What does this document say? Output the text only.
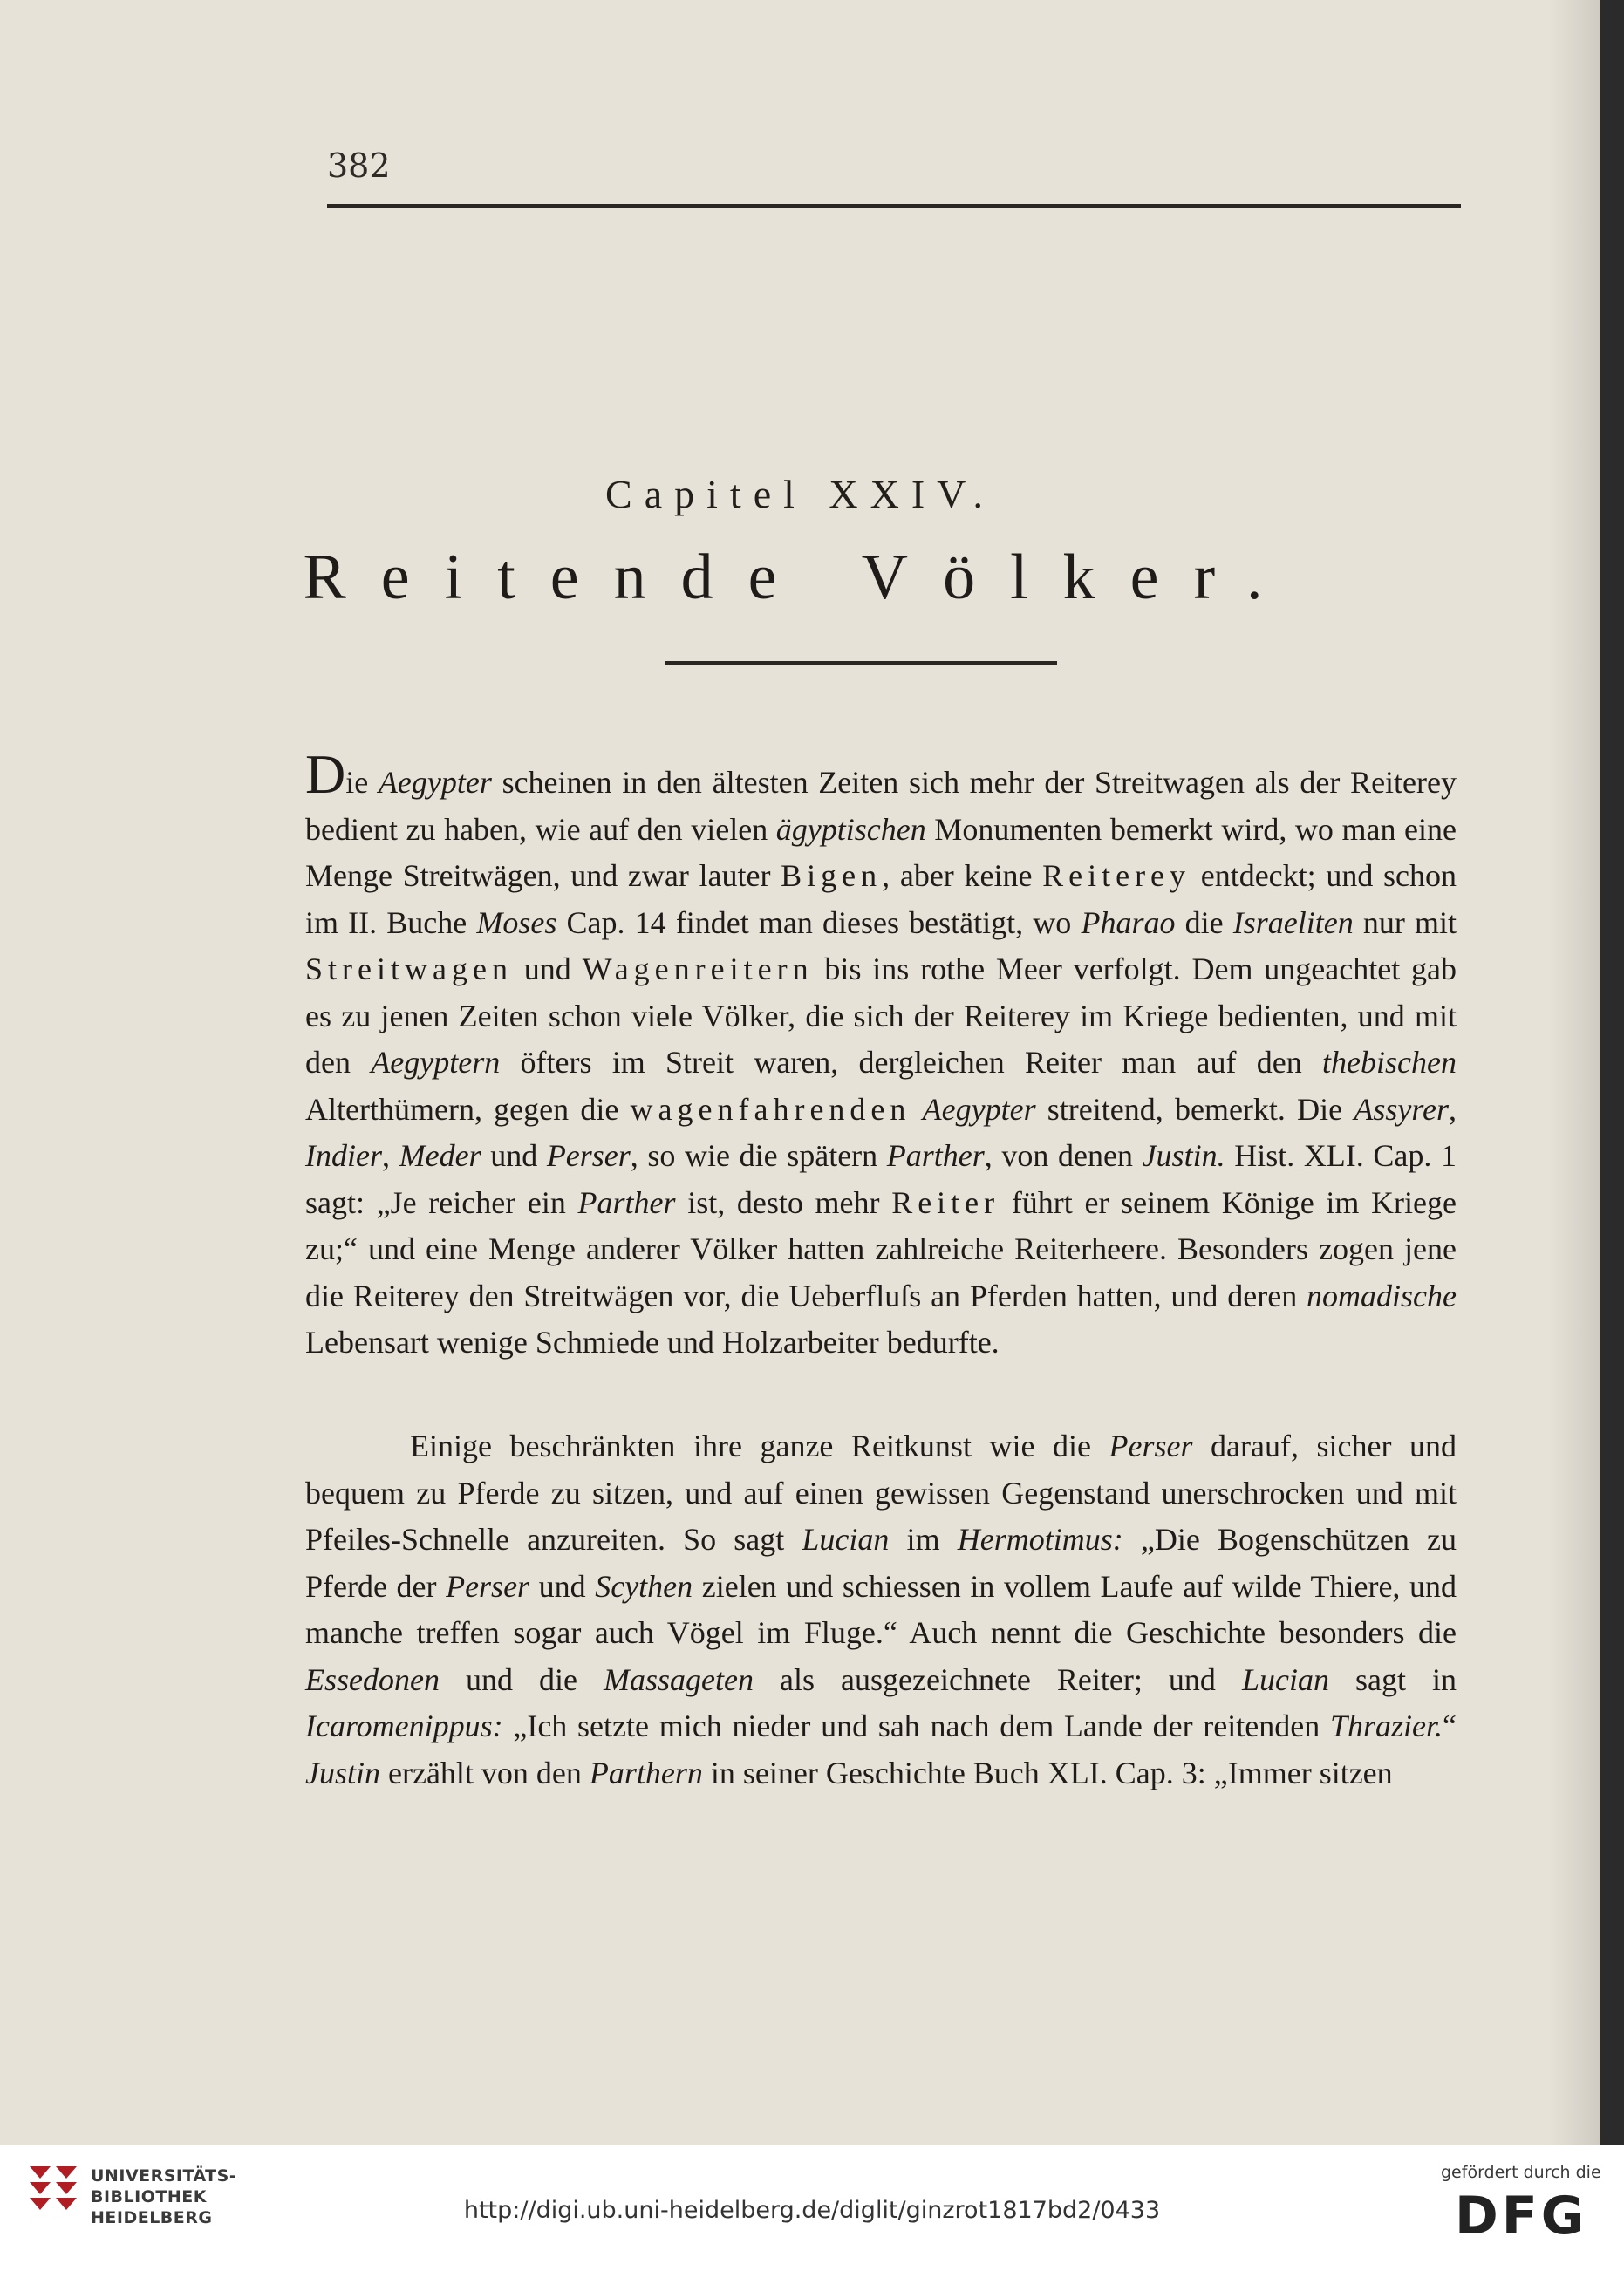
382
Capitel XXIV.
Reitende Völker.
Die Aegypter scheinen in den ältesten Zeiten sich mehr der Streitwagen als der Reiterey bedient zu haben, wie auf den vielen ägyptischen Monumenten bemerkt wird, wo man eine Menge Streitwägen, und zwar lauter Bigen, aber keine Reiterey entdeckt; und schon im II. Buche Moses Cap. 14 findet man dieses bestätigt, wo Pharao die Israeliten nur mit Streitwagen und Wagenreitern bis ins rothe Meer verfolgt. Dem ungeachtet gab es zu jenen Zeiten schon viele Völker, die sich der Reiterey im Kriege bedienten, und mit den Aegyptern öfters im Streit waren, dergleichen Reiter man auf den thebischen Alterthümern, gegen die wagenfahrenden Aegypter streitend, bemerkt. Die Assyrer, Indier, Meder und Perser, so wie die spätern Parther, von denen Justin. Hist. XLI. Cap. 1 sagt: „Je reicher ein Parther ist, desto mehr Reiter führt er seinem Könige im Kriege zu;“ und eine Menge anderer Völker hatten zahlreiche Reiterheere. Besonders zogen jene die Reiterey den Streitwägen vor, die Ueberfluſs an Pferden hatten, und deren nomadische Lebensart wenige Schmiede und Holzarbeiter bedurfte.
Einige beschränkten ihre ganze Reitkunst wie die Perser darauf, sicher und bequem zu Pferde zu sitzen, und auf einen gewissen Gegenstand unerschrocken und mit Pfeiles-Schnelle anzureiten. So sagt Lucian im Hermotimus: „Die Bogenschützen zu Pferde der Perser und Scythen zielen und schiessen in vollem Laufe auf wilde Thiere, und manche treffen sogar auch Vögel im Fluge.“ Auch nennt die Geschichte besonders die Essedonen und die Massageten als ausgezeichnete Reiter; und Lucian sagt in Icaromenippus: „Ich setzte mich nieder und sah nach dem Lande der reitenden Thrazier.“ Justin erzählt von den Parthern in seiner Geschichte Buch XLI. Cap. 3: „Immer sitzen
UNIVERSITÄTS-
BIBLIOTHEK
HEIDELBERG	http://digi.ub.uni-heidelberg.de/diglit/ginzrot1817bd2/0433
gefördert durch die
DFG
